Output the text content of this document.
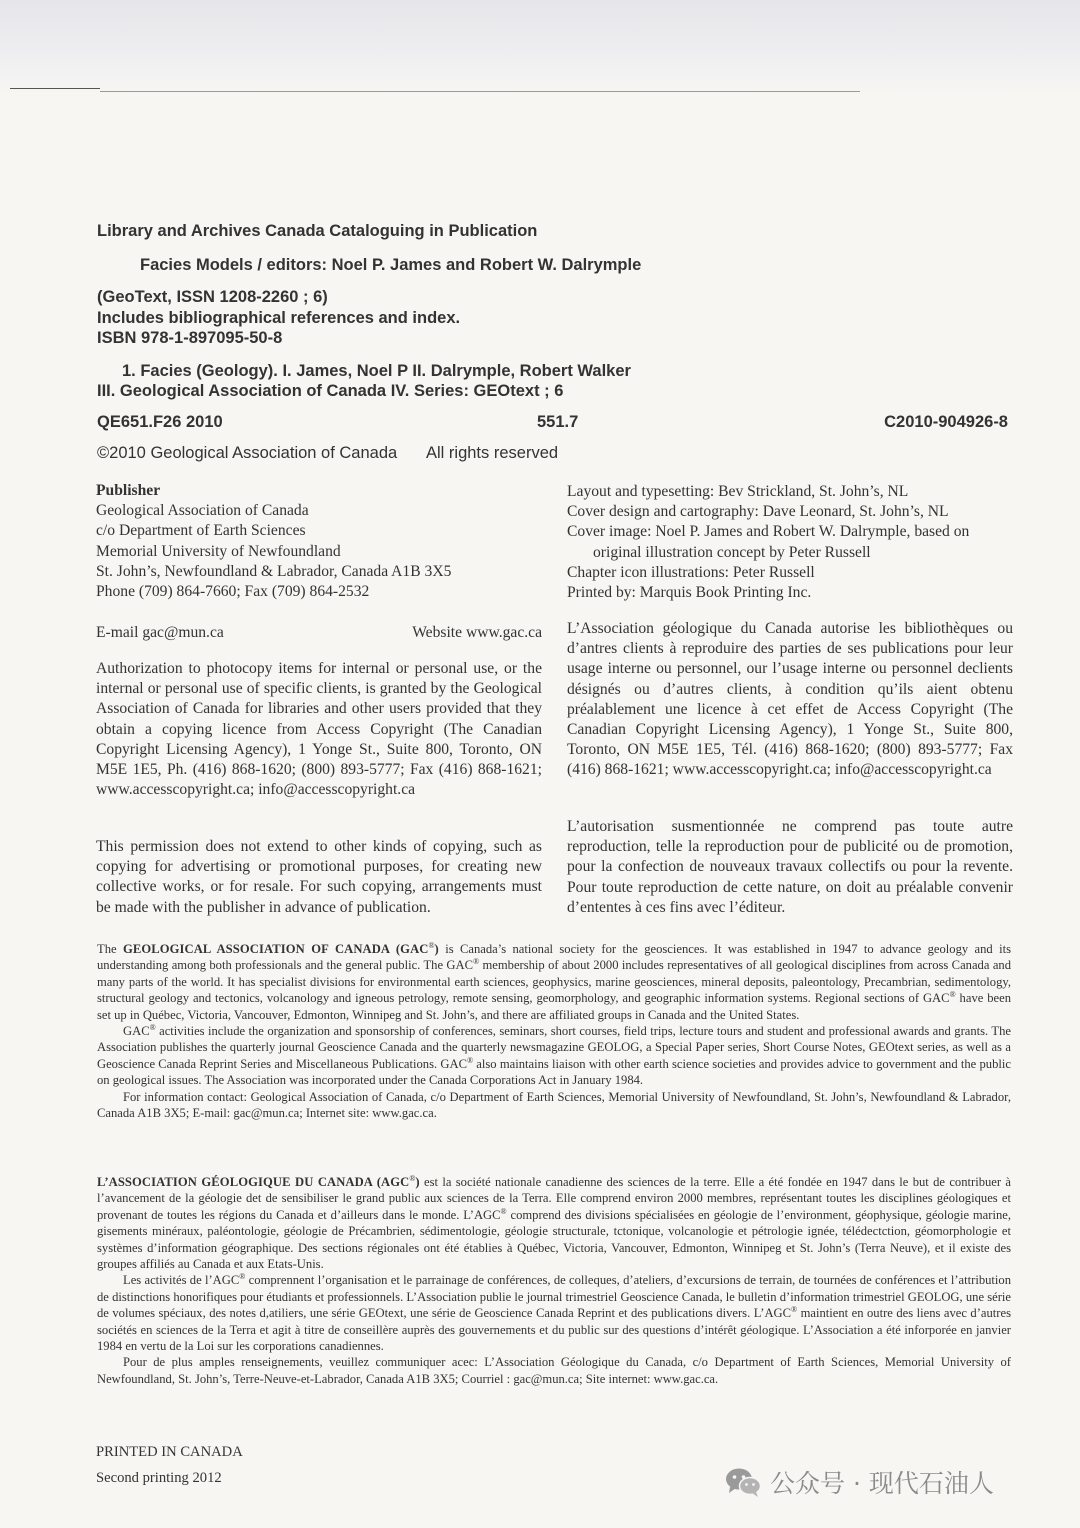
Library and Archives Canada Cataloguing in Publication
Facies Models / editors: Noel P. James and Robert W. Dalrymple
(GeoText, ISSN 1208-2260 ; 6)
Includes bibliographical references and index.
ISBN 978-1-897095-50-8
1. Facies (Geology). I. James, Noel P II. Dalrymple, Robert Walker
III. Geological Association of Canada IV. Series: GEOtext ; 6
QE651.F26 2010	551.7	C2010-904926-8
©2010 Geological Association of Canada All rights reserved
Publisher
Geological Association of Canada
c/o Department of Earth Sciences
Memorial University of Newfoundland
St. John’s, Newfoundland & Labrador, Canada A1B 3X5
Phone (709) 864-7660; Fax (709) 864-2532
E-mail gac@mun.ca	Website www.gac.ca

Authorization to photocopy items for internal or personal use, or the internal or personal use of specific clients, is granted by the Geological Association of Canada for libraries and other users provided that they obtain a copying licence from Access Copyright (The Canadian Copyright Licensing Agency), 1 Yonge St., Suite 800, Toronto, ON M5E 1E5, Ph. (416) 868-1620; (800) 893-5777; Fax (416) 868-1621; www.accesscopyright.ca; info@accesscopyright.ca

This permission does not extend to other kinds of copying, such as copying for advertising or promotional purposes, for creating new collective works, or for resale. For such copying, arrangements must be made with the publisher in advance of publication.

Layout and typesetting: Bev Strickland, St. John’s, NL
Cover design and cartography: Dave Leonard, St. John’s, NL
Cover image: Noel P. James and Robert W. Dalrymple, based on
original illustration concept by Peter Russell
Chapter icon illustrations: Peter Russell
Printed by: Marquis Book Printing Inc.

L’Association géologique du Canada autorise les bibliothèques ou d’antres clients à reproduire des parties de ses publications pour leur usage interne ou personnel, our l’usage interne ou personnel declients désignés ou d’autres clients, à condition qu’ils aient obtenu préalablement une licence à cet effet de Access Copyright (The Canadian Copyright Licensing Agency), 1 Yonge St., Suite 800, Toronto, ON M5E 1E5, Tél. (416) 868-1620; (800) 893-5777; Fax (416) 868-1621; www.accesscopyright.ca; info@accesscopyright.ca

L’autorisation susmentionnée ne comprend pas toute autre reproduction, telle la reproduction pour de publicité ou de promotion, pour la confection de nouveaux travaux collectifs ou pour la revente. Pour toute reproduction de cette nature, on doit au préalable convenir d’ententes à ces fins avec l’éditeur.

The GEOLOGICAL ASSOCIATION OF CANADA (GAC®) is Canada’s national society for the geosciences. It was established in 1947 to advance geology and its understanding among both professionals and the general public. The GAC® membership of about 2000 includes representatives of all geological disciplines from across Canada and many parts of the world. It has specialist divisions for environmental earth sciences, geophysics, marine geosciences, mineral deposits, paleontology, Precambrian, sedimentology, structural geology and tectonics, volcanology and igneous petrology, remote sensing, geomorphology, and geographic information systems. Regional sections of GAC® have been set up in Québec, Victoria, Vancouver, Edmonton, Winnipeg and St. John’s, and there are affiliated groups in Canada and the United States.

GAC® activities include the organization and sponsorship of conferences, seminars, short courses, field trips, lecture tours and student and professional awards and grants. The Association publishes the quarterly journal Geoscience Canada and the quarterly newsmagazine GEOLOG, a Special Paper series, Short Course Notes, GEOtext series, as well as a Geoscience Canada Reprint Series and Miscellaneous Publications. GAC® also maintains liaison with other earth science societies and provides advice to government and the public on geological issues. The Association was incorporated under the Canada Corporations Act in January 1984.

For information contact: Geological Association of Canada, c/o Department of Earth Sciences, Memorial University of Newfoundland, St. John’s, Newfoundland & Labrador, Canada A1B 3X5; E-mail: gac@mun.ca; Internet site: www.gac.ca.

L’ASSOCIATION GÉOLOGIQUE DU CANADA (AGC®) est la société nationale canadienne des sciences de la terre. Elle a été fondée en 1947 dans le but de contribuer à l’avancement de la géologie det de sensibiliser le grand public aux sciences de la Terra. Elle comprend environ 2000 membres, représentant toutes les disciplines géologiques et provenant de toutes les régions du Canada et d’ailleurs dans le monde. L’AGC® comprend des divisions spécialisées en géologie de l’environment, géophysique, géologie marine, gisements minéraux, paléontologie, géologie de Précambrien, sédimentologie, géologie structurale, tctonique, volcanologie et pétrologie ignée, télédectction, géomorphologie et systèmes d’information géographique. Des sections régionales ont été établies à Québec, Victoria, Vancouver, Edmonton, Winnipeg et St. John’s (Terra Neuve), et il existe des groupes affiliés au Canada et aux Etats-Unis.

Les activités de l’AGC® comprennent l’organisation et le parrainage de conférences, de colleques, d’ateliers, d’excursions de terrain, de tournées de conférences et l’attribution de distinctions honorifiques pour étudiants et professionnels. L’Association publie le journal trimestriel Geoscience Canada, le bulletin d’information trimestriel GEOLOG, une série de volumes spéciaux, des notes d,atiliers, une série GEOtext, une série de Geoscience Canada Reprint et des publications divers. L’AGC® maintient en outre des liens avec d’autres sociétés en sciences de la Terra et agit à titre de conseillère auprès des gouvernements et du public sur des questions d’intérêt géologique. L’Association a été inforporée en janvier 1984 en vertu de la Loi sur les corporations canadiennes.

Pour de plus amples renseignements, veuillez communiquer acec: L’Association Géologique du Canada, c/o Department of Earth Sciences, Memorial University of Newfoundland, St. John’s, Terre-Neuve-et-Labrador, Canada A1B 3X5; Courriel : gac@mun.ca; Site internet: www.gac.ca.

PRINTED IN CANADA
Second printing 2012	公众号 · 现代石油人
